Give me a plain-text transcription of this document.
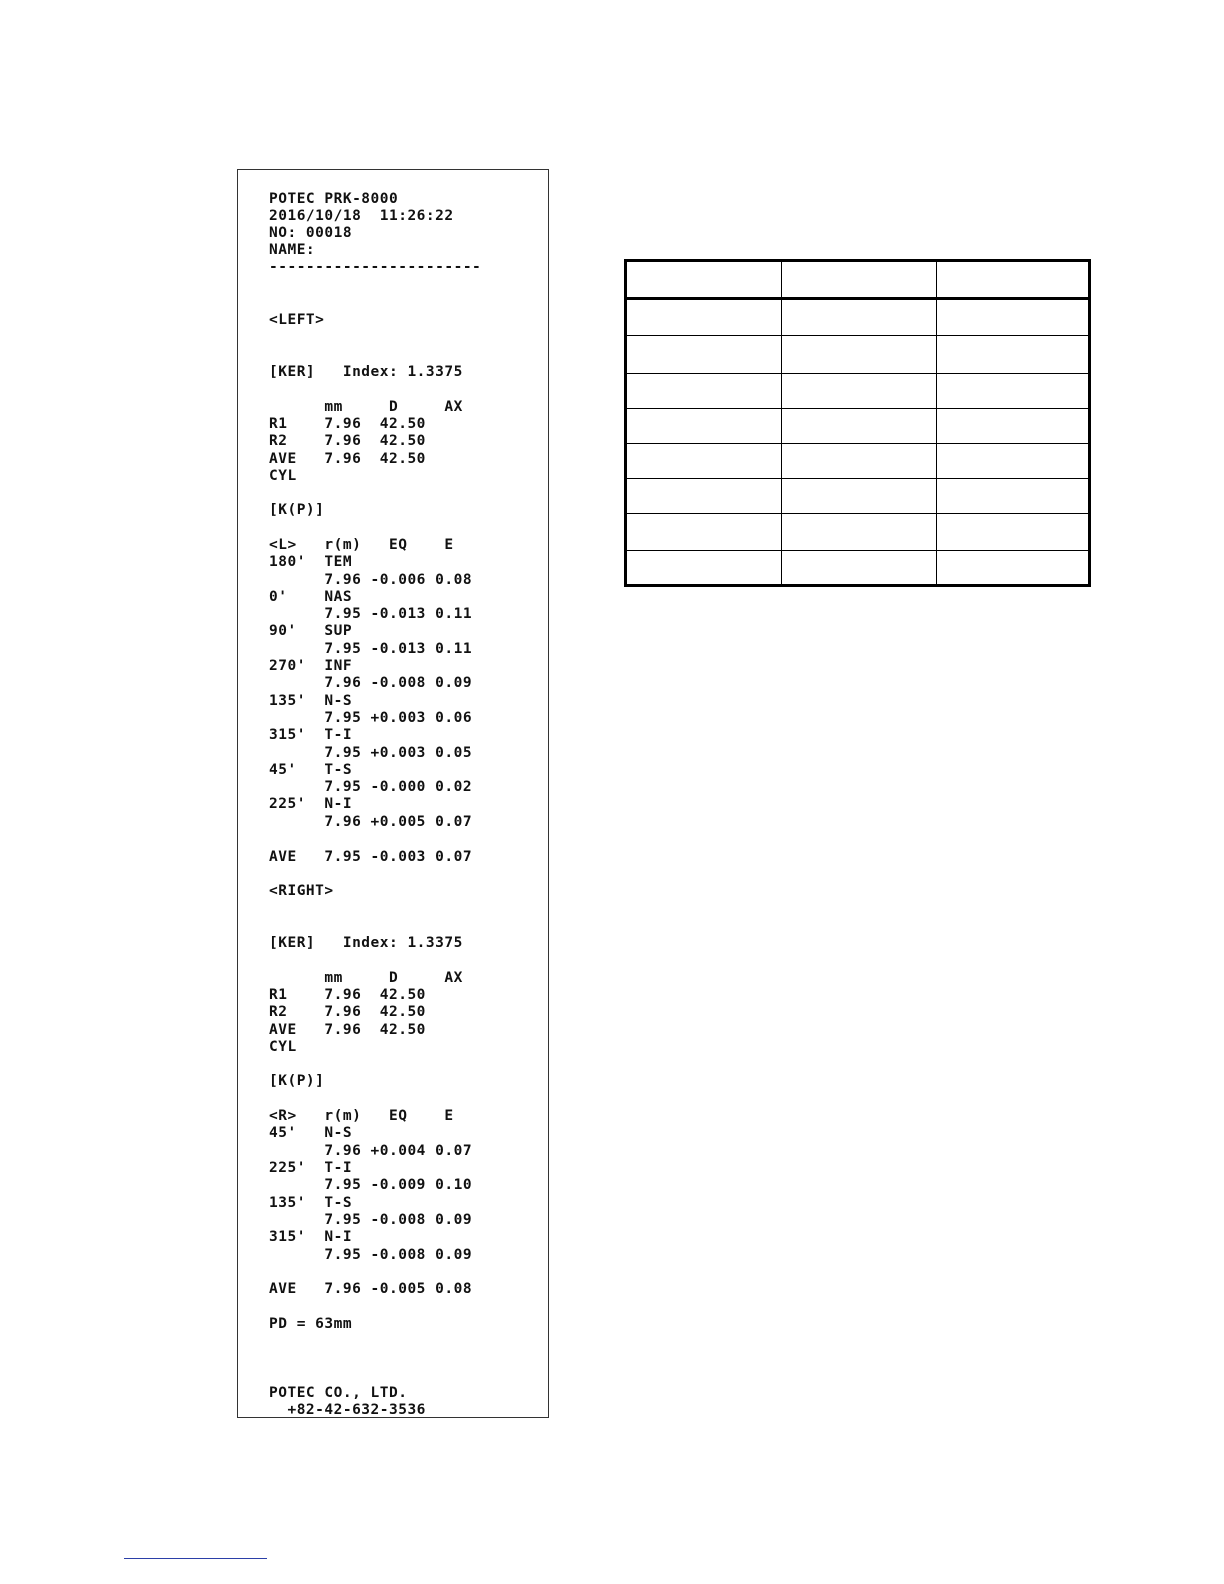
POTEC PRK-8000
2016/10/18  11:26:22
NO: 00018
NAME:
-----------------------
<LEFT>
[KER]   Index: 1.3375
mm     D     AX
R1    7.96  42.50
R2    7.96  42.50
AVE   7.96  42.50
CYL
[K(P)]
<L>   r(m)   EQ    E
180'  TEM
7.96 -0.006 0.08
0'    NAS
7.95 -0.013 0.11
90'   SUP
7.95 -0.013 0.11
270'  INF
7.96 -0.008 0.09
135'  N-S
7.95 +0.003 0.06
315'  T-I
7.95 +0.003 0.05
45'   T-S
7.95 -0.000 0.02
225'  N-I
7.96 +0.005 0.07
AVE   7.95 -0.003 0.07
<RIGHT>
[KER]   Index: 1.3375
mm     D     AX
R1    7.96  42.50
R2    7.96  42.50
AVE   7.96  42.50
CYL
[K(P)]
<R>   r(m)   EQ    E
45'   N-S
7.96 +0.004 0.07
225'  T-I
7.95 -0.009 0.10
135'  T-S
7.95 -0.008 0.09
315'  N-I
7.95 -0.008 0.09
AVE   7.96 -0.005 0.08
PD = 63mm
POTEC CO., LTD.
+82-42-632-3536
